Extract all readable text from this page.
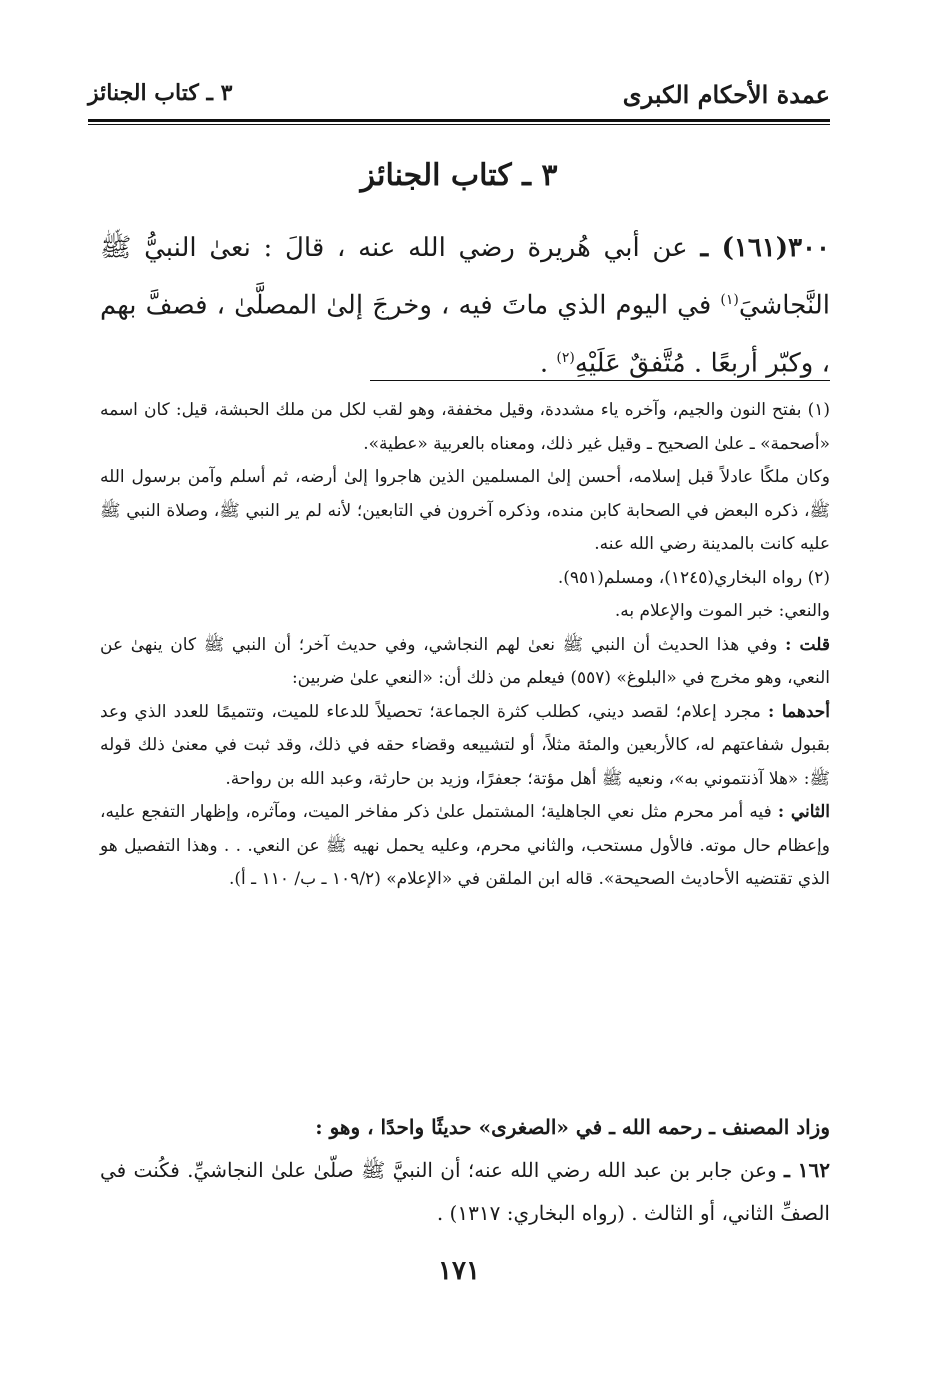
عمدة الأحكام الكبرى
٣ ـ كتاب الجنائز
٣ ـ كتاب الجنائز
٣٠٠(١٦١) ـ عن أبي هُريرة رضي الله عنه ، قالَ : نعىٰ النبيُّ ﷺ النَّجاشيَ$^{(١)}$ في اليوم الذي ماتَ فيه ، وخرجَ إلىٰ المصلَّىٰ ، فصفَّ بهم ، وكبّر أربعًا . مُتَّفقٌ عَلَيْهِ$^{(٢)}$ .

(١) بفتح النون والجيم، وآخره ياء مشددة، وقيل مخففة، وهو لقب لكل من ملك الحبشة، قيل: كان اسمه «أصحمة» ـ علىٰ الصحيح ـ وقيل غير ذلك، ومعناه بالعربية «عطية».

وكان ملكًا عادلاً قبل إسلامه، أحسن إلىٰ المسلمين الذين هاجروا إلىٰ أرضه، ثم أسلم وآمن برسول الله ﷺ، ذكره البعض في الصحابة كابن منده، وذكره آخرون في التابعين؛ لأنه لم ير النبي ﷺ، وصلاة النبي ﷺ عليه كانت بالمدينة رضي الله عنه.

(٢) رواه البخاري(١٢٤٥)، ومسلم(٩٥١).

والنعي: خبر الموت والإعلام به.

قلت : وفي هذا الحديث أن النبي ﷺ نعىٰ لهم النجاشي، وفي حديث آخر؛ أن النبي ﷺ كان ينهىٰ عن النعي، وهو مخرج في «البلوغ» (٥٥٧) فيعلم من ذلك أن: «النعي علىٰ ضربين:

أحدهما : مجرد إعلام؛ لقصد ديني، كطلب كثرة الجماعة؛ تحصيلاً للدعاء للميت، وتتميمًا للعدد الذي وعد بقبول شفاعتهم له، كالأربعين والمئة مثلاً، أو لتشييعه وقضاء حقه في ذلك، وقد ثبت في معنىٰ ذلك قوله ﷺ: «هلا آذنتموني به»، ونعيه ﷺ أهل مؤتة؛ جعفرًا، وزيد بن حارثة، وعبد الله بن رواحة.

الثاني : فيه أمر محرم مثل نعي الجاهلية؛ المشتمل علىٰ ذكر مفاخر الميت، ومآثره، وإظهار التفجع عليه، وإعظام حال موته. فالأول مستحب، والثاني محرم، وعليه يحمل نهيه ﷺ عن النعي. . . وهذا التفصيل هو الذي تقتضيه الأحاديث الصحيحة». قاله ابن الملقن في «الإعلام» (١٠٩/٢ ـ ب/ ١١٠ ـ أ).

وزاد المصنف ـ رحمه الله ـ في «الصغرى» حديثًا واحدًا ، وهو :

١٦٢ ـ وعن جابر بن عبد الله رضي الله عنه؛ أن النبيَّ ﷺ صلّىٰ علىٰ النجاشيِّ. فكُنت في الصفِّ الثاني، أو الثالث . (رواه البخاري: ١٣١٧) .

١٧١
